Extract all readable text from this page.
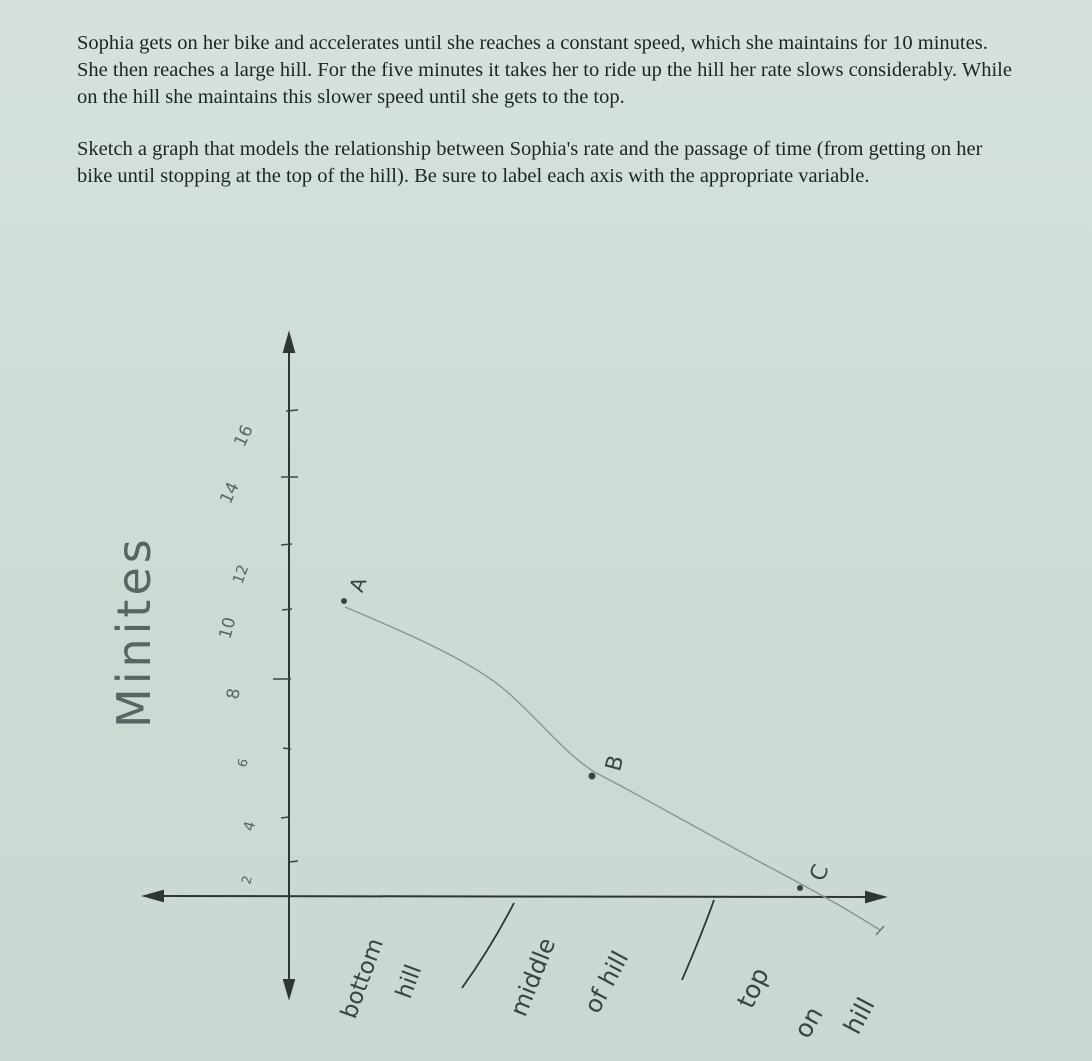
Sophia gets on her bike and accelerates until she reaches a constant speed, which she maintains for 10 minutes. She then reaches a large hill. For the five minutes it takes her to ride up the hill her rate slows considerably. While on the hill she maintains this slower speed until she gets to the top.

Sketch a graph that models the relationship between Sophia's rate and the passage of time (from getting on her bike until stopping at the top of the hill). Be sure to label each axis with the appropriate variable.

2
4
6
8
10
12
14
16
Minites	A
B
C
bottom hill	middle of hill	top
on hill
